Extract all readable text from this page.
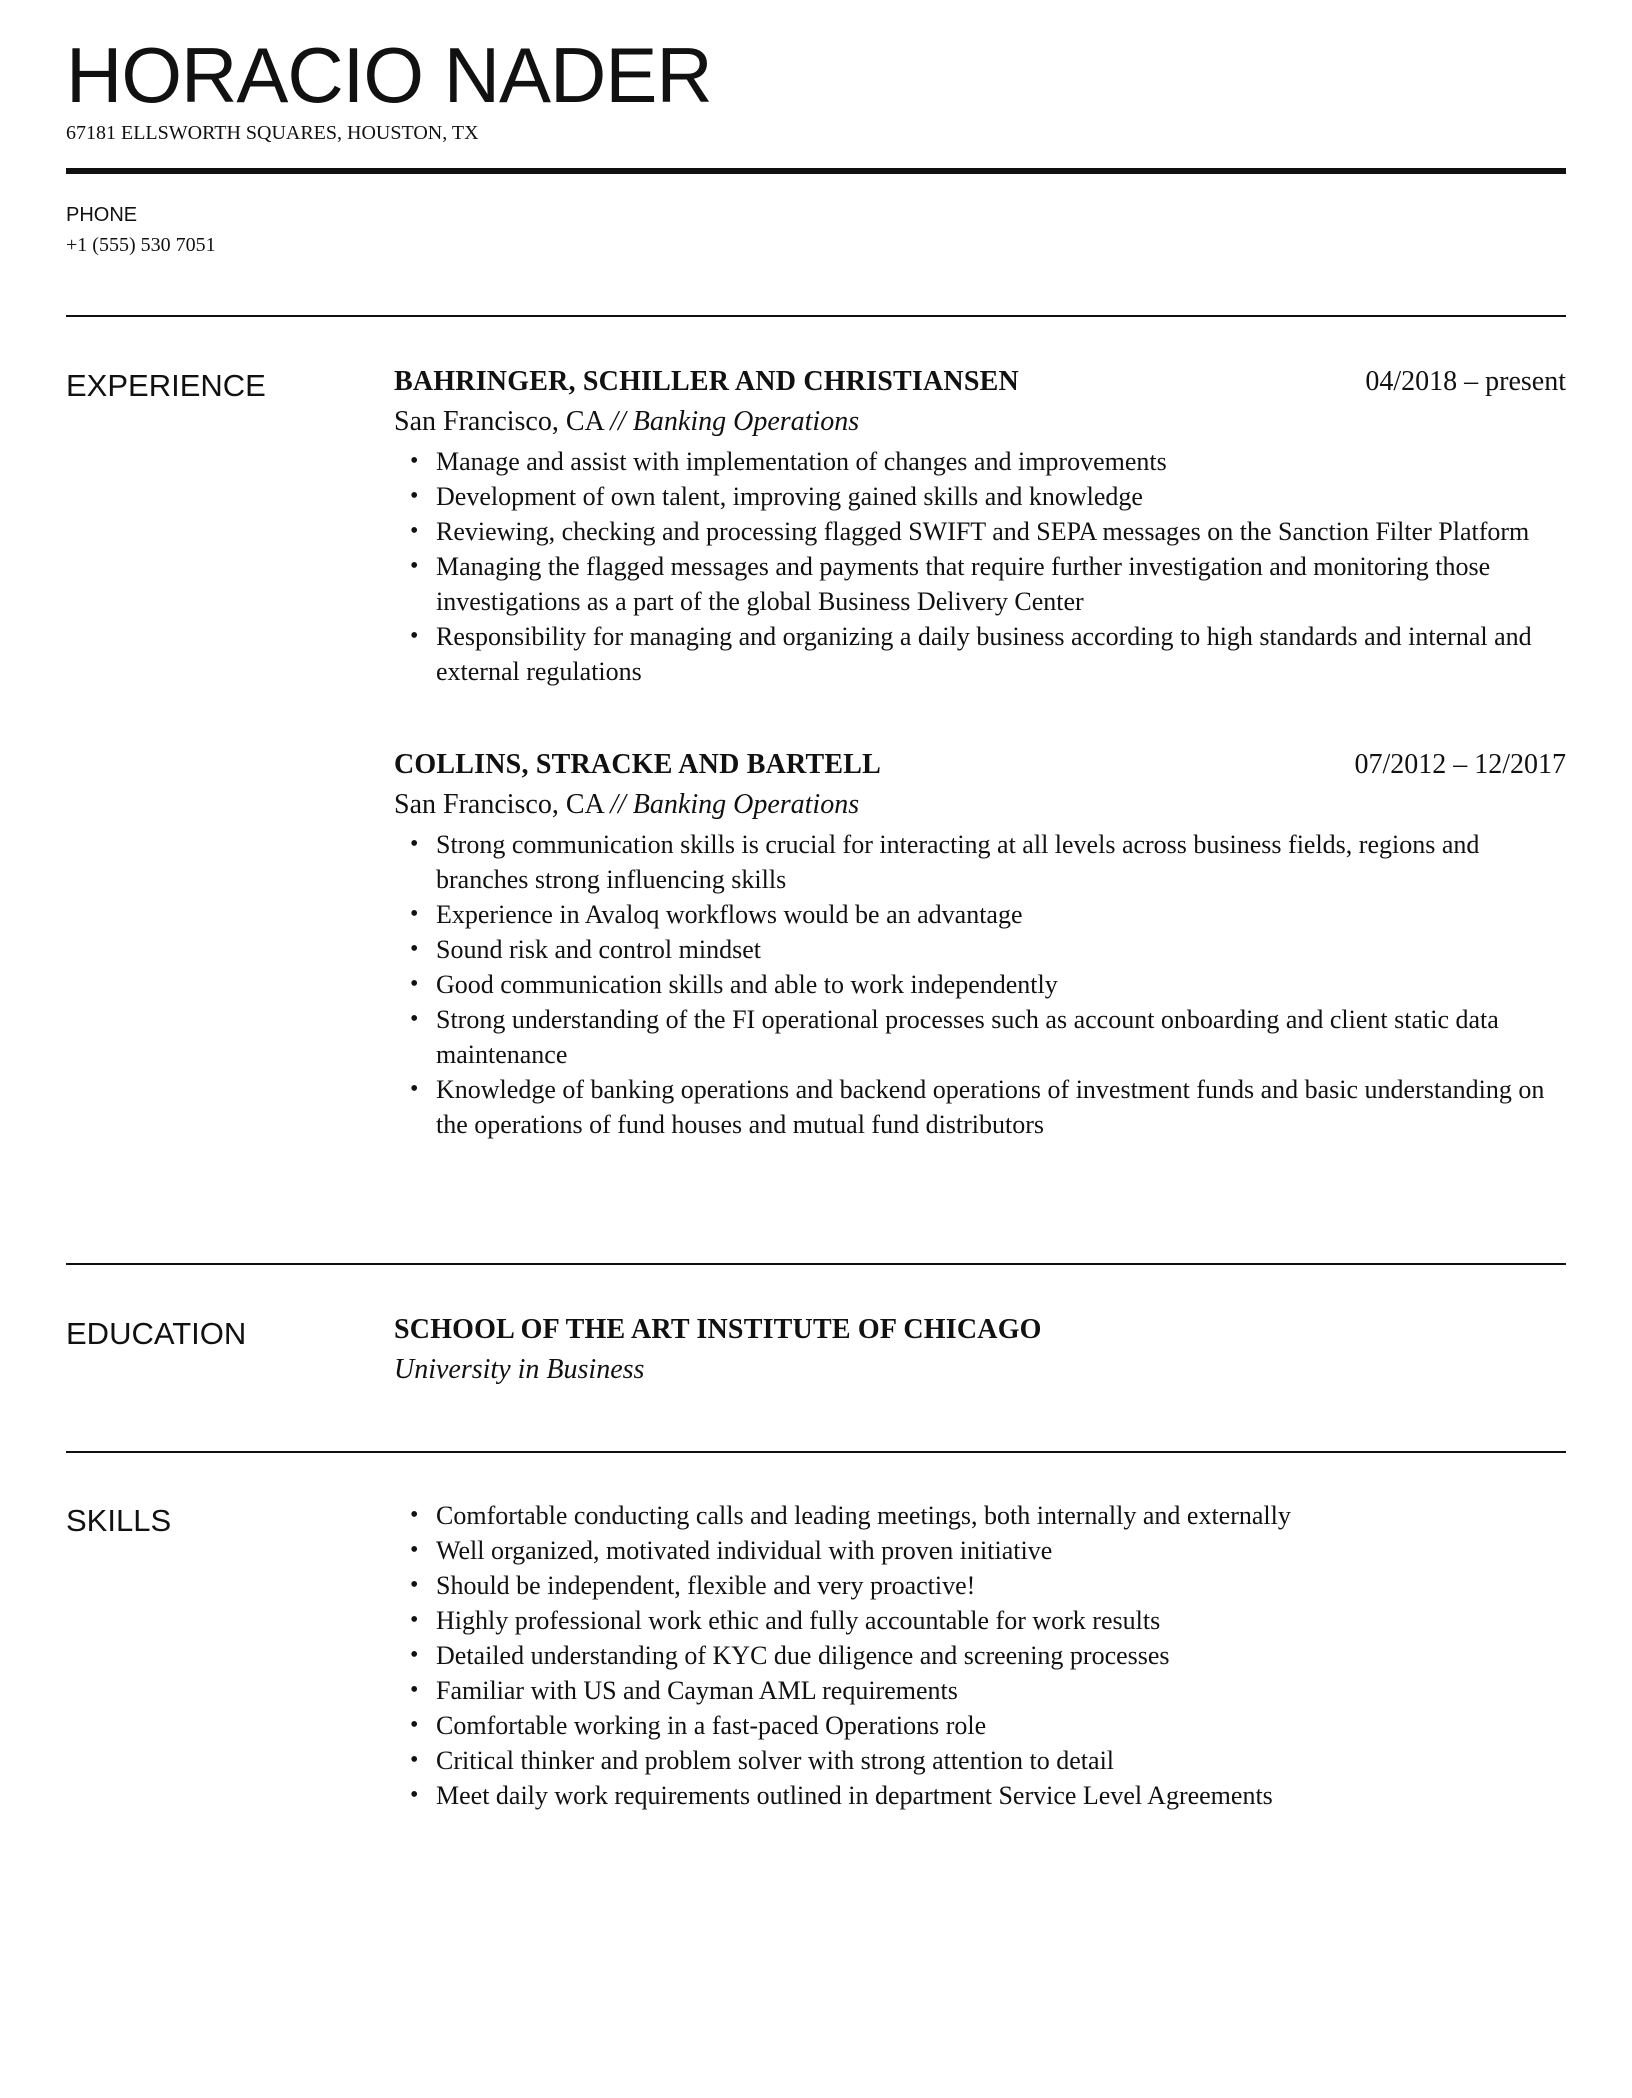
HORACIO NADER
67181 ELLSWORTH SQUARES, HOUSTON, TX
PHONE
+1 (555) 530 7051
EXPERIENCE	BAHRINGER, SCHILLER AND CHRISTIANSEN	04/2018 – present
San Francisco, CA // Banking Operations
• Manage and assist with implementation of changes and improvements
• Development of own talent, improving gained skills and knowledge
• Reviewing, checking and processing flagged SWIFT and SEPA messages on the Sanction Filter Platform
• Managing the flagged messages and payments that require further investigation and monitoring those investigations as a part of the global Business Delivery Center
• Responsibility for managing and organizing a daily business according to high standards and internal and external regulations
COLLINS, STRACKE AND BARTELL	07/2012 – 12/2017
San Francisco, CA // Banking Operations
• Strong communication skills is crucial for interacting at all levels across business fields, regions and branches strong influencing skills
• Experience in Avaloq workflows would be an advantage
• Sound risk and control mindset
• Good communication skills and able to work independently
• Strong understanding of the FI operational processes such as account onboarding and client static data maintenance
• Knowledge of banking operations and backend operations of investment funds and basic understanding on the operations of fund houses and mutual fund distributors
EDUCATION	SCHOOL OF THE ART INSTITUTE OF CHICAGO
University in Business
SKILLS
•	Comfortable conducting calls and leading meetings, both internally and externally
• Well organized, motivated individual with proven initiative
• Should be independent, flexible and very proactive!
• Highly professional work ethic and fully accountable for work results
• Detailed understanding of KYC due diligence and screening processes
• Familiar with US and Cayman AML requirements
• Comfortable working in a fast-paced Operations role
• Critical thinker and problem solver with strong attention to detail
• Meet daily work requirements outlined in department Service Level Agreements
